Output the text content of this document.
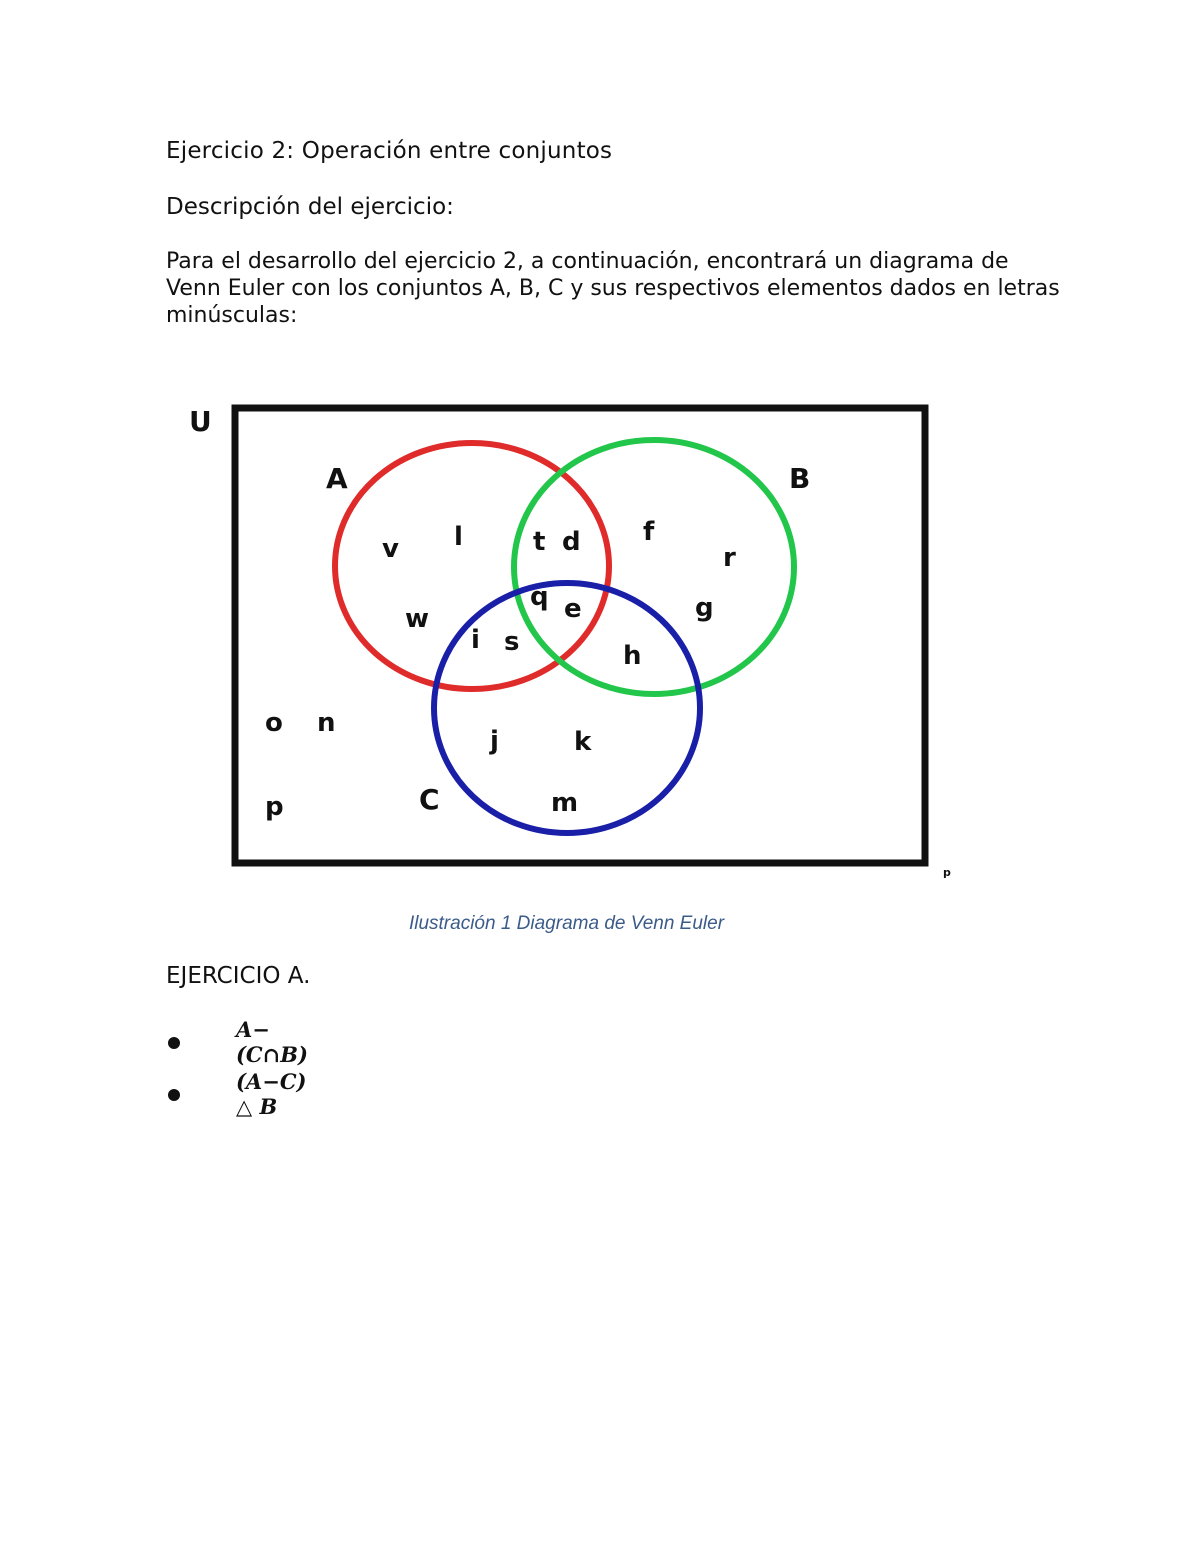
Ejercicio 2: Operación entre conjuntos
Descripción del ejercicio:

Para el desarrollo del ejercicio 2, a continuación, encontrará un diagrama de Venn Euler con los conjuntos A, B, C y sus respectivos elementos dados en letras minúsculas:

U
A	B
C
v l
w
t d
q e
i s
f
r
g
h
j	k
m
o n
p
p
Ilustración 1 Diagrama de Venn Euler
EJERCICIO A.
A−(C∩B)
(A−C) △ B
